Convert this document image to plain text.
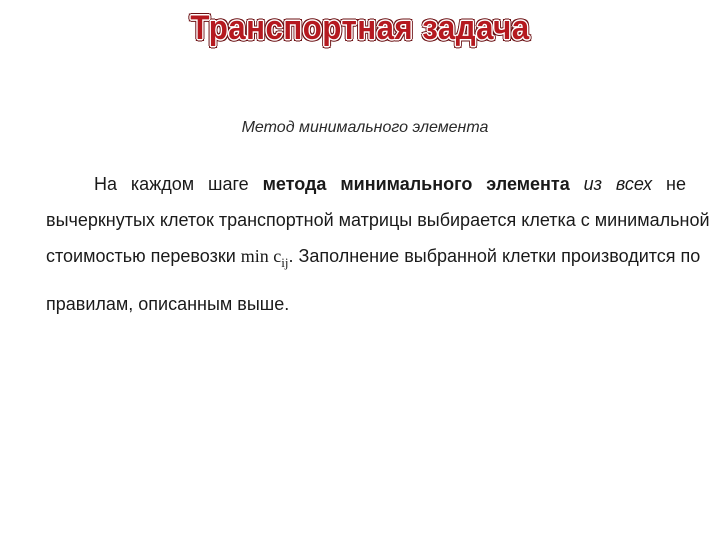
Транспортная задача
Метод минимального элемента
На каждом шаге метода минимального элемента из всех не
вычеркнутых клеток транспортной матрицы выбирается клетка с минимальной
стоимостью перевозки $\min c_{ij}$. Заполнение выбранной клетки производится по
правилам, описанным выше.
